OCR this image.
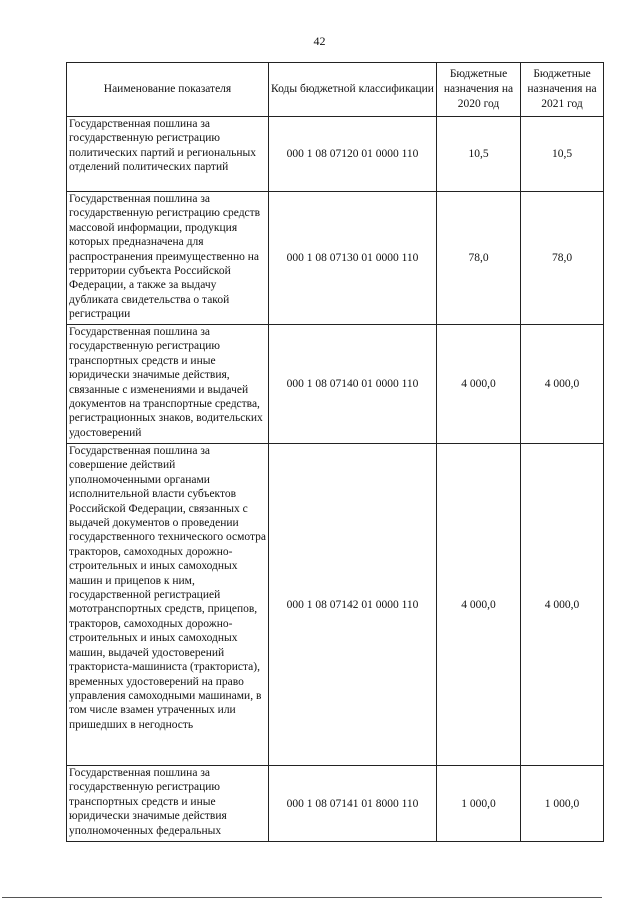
42
Наименование показателя	Коды бюджетной классификации	Бюджетные назначения на 2020 год	Бюджетные назначения на 2021 год
Государственная пошлина за государственную регистрацию политических партий и региональных отделений политических партий	000 1 08 07120 01 0000 110	10,5	10,5
Государственная пошлина за государственную регистрацию средств массовой информации, продукция которых предназначена для распространения преимущественно на территории субъекта Российской Федерации, а также за выдачу дубликата свидетельства о такой регистрации	000 1 08 07130 01 0000 110	78,0	78,0
Государственная пошлина за государственную регистрацию транспортных средств и иные юридически значимые действия, связанные с изменениями и выдачей документов на транспортные средства, регистрационных знаков, водительских удостоверений	000 1 08 07140 01 0000 110	4 000,0	4 000,0
Государственная пошлина за совершение действий уполномоченными органами исполнительной власти субъектов Российской Федерации, связанных с выдачей документов о проведении государственного технического осмотра тракторов, самоходных дорожно-строительных и иных самоходных машин и прицепов к ним, государственной регистрацией мототранспортных средств, прицепов, тракторов, самоходных дорожно-строительных и иных самоходных машин, выдачей удостоверений тракториста-машиниста (тракториста), временных удостоверений на право управления самоходными машинами, в том числе взамен утраченных или пришедших в негодность	000 1 08 07142 01 0000 110	4 000,0	4 000,0
Государственная пошлина за государственную регистрацию транспортных средств и иные юридически значимые действия уполномоченных федеральных	000 1 08 07141 01 8000 110	1 000,0	1 000,0
